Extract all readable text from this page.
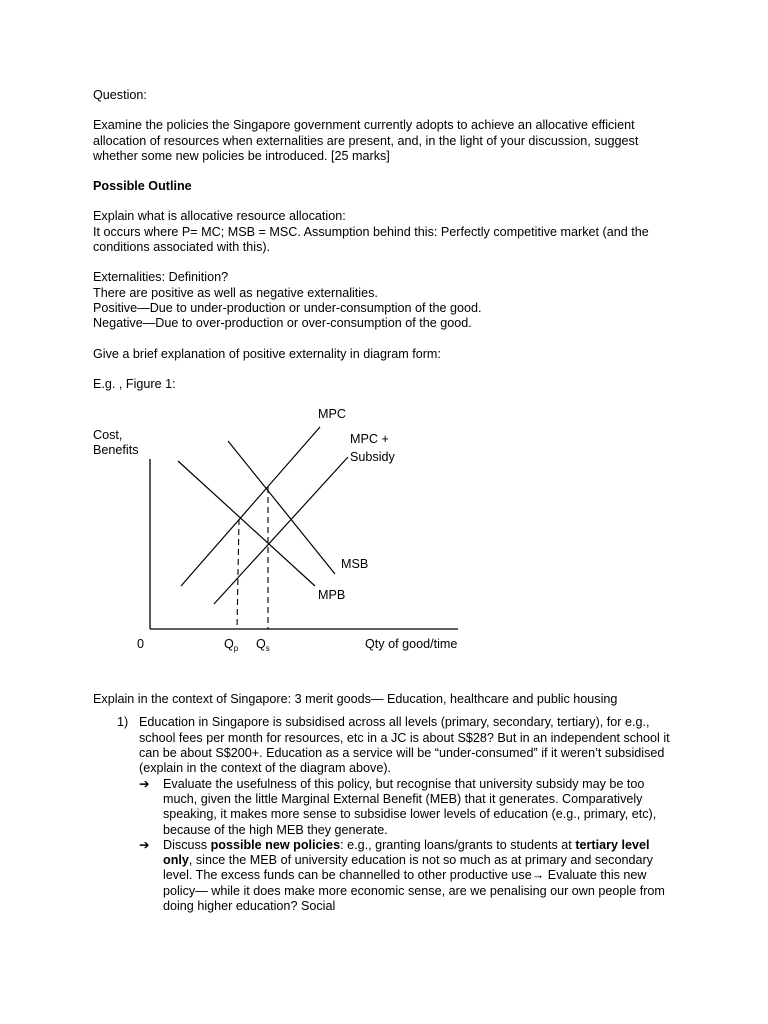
Question:

Examine the policies the Singapore government currently adopts to achieve an allocative efficient allocation of resources when externalities are present, and, in the light of your discussion, suggest whether some new policies be introduced. [25 marks]

Possible Outline

Explain what is allocative resource allocation:

It occurs where P= MC; MSB = MSC. Assumption behind this: Perfectly competitive market (and the conditions associated with this).

Externalities: Definition?

There are positive as well as negative externalities.

Positive—Due to under-production or under-consumption of the good.

Negative—Due to over-production or over-consumption of the good.

Give a brief explanation of positive externality in diagram form:

E.g. , Figure 1:

Cost,
Benefits
0	Qty of good/time
MPC
MPC +
Subsidy
MSB
MPB
$Q_p$ $Q_s$

Explain in the context of Singapore: 3 merit goods— Education, healthcare and public housing

1) Education in Singapore is subsidised across all levels (primary, secondary, tertiary), for e.g., school fees per month for resources, etc in a JC is about S$28? But in an independent school it can be about S$200+. Education as a service will be “under-consumed” if it weren’t subsidised (explain in the context of the diagram above).

➔ Evaluate the usefulness of this policy, but recognise that university subsidy may be too much, given the little Marginal External Benefit (MEB) that it generates. Comparatively speaking, it makes more sense to subsidise lower levels of education (e.g., primary, etc), because of the high MEB they generate.
➔ Discuss possible new policies: e.g., granting loans/grants to students at tertiary level only, since the MEB of university education is not so much as at primary and secondary level. The excess funds can be channelled to other productive use→ Evaluate this new policy— while it does make more economic sense, are we penalising our own people from doing higher education? Social
